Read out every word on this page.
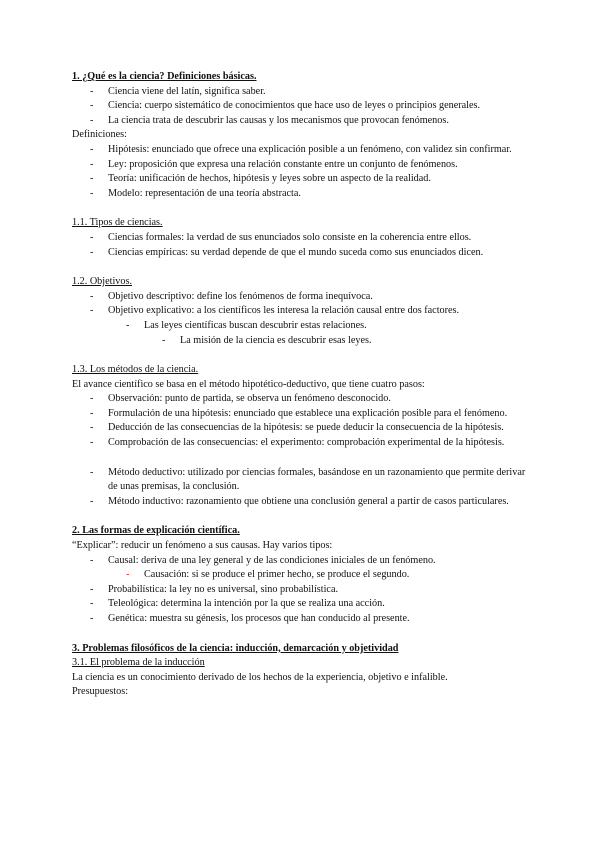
1. ¿Qué es la ciencia? Definiciones básicas.
- Ciencia viene del latín, significa saber.
- Ciencia: cuerpo sistemático de conocimientos que hace uso de leyes o principios generales.
- La ciencia trata de descubrir las causas y los mecanismos que provocan fenómenos.
Definiciones:
- Hipótesis: enunciado que ofrece una explicación posible a un fenómeno, con validez sin confirmar.
- Ley: proposición que expresa una relación constante entre un conjunto de fenómenos.
- Teoría: unificación de hechos, hipótesis y leyes sobre un aspecto de la realidad.
- Modelo: representación de una teoría abstracta.
1.1. Tipos de ciencias.
- Ciencias formales: la verdad de sus enunciados solo consiste en la coherencia entre ellos.
- Ciencias empíricas: su verdad depende de que el mundo suceda como sus enunciados dicen.
1.2. Objetivos.
- Objetivo descriptivo: define los fenómenos de forma inequívoca.
- Objetivo explicativo: a los científicos les interesa la relación causal entre dos factores.
- Las leyes científicas buscan descubrir estas relaciones.
- La misión de la ciencia es descubrir esas leyes.
1.3. Los métodos de la ciencia.
El avance científico se basa en el método hipotético-deductivo, que tiene cuatro pasos:
- Observación: punto de partida, se observa un fenómeno desconocido.
- Formulación de una hipótesis: enunciado que establece una explicación posible para el fenómeno.
- Deducción de las consecuencias de la hipótesis: se puede deducir la consecuencia de la hipótesis.
- Comprobación de las consecuencias: el experimento: comprobación experimental de la hipótesis.
- Método deductivo: utilizado por ciencias formales, basándose en un razonamiento que permite derivar de unas premisas, la conclusión.
- Método inductivo: razonamiento que obtiene una conclusión general a partir de casos particulares.
2. Las formas de explicación científica.
“Explicar”: reducir un fenómeno a sus causas. Hay varios tipos:
- Causal: deriva de una ley general y de las condiciones iniciales de un fenómeno.
- Causación: si se produce el primer hecho, se produce el segundo.
- Probabilística: la ley no es universal, sino probabilística.
- Teleológica: determina la intención por la que se realiza una acción.
- Genética: muestra su génesis, los procesos que han conducido al presente.
3. Problemas filosóficos de la ciencia: inducción, demarcación y objetividad
3.1. El problema de la inducción
La ciencia es un conocimiento derivado de los hechos de la experiencia, objetivo e infalible.
Presupuestos:
